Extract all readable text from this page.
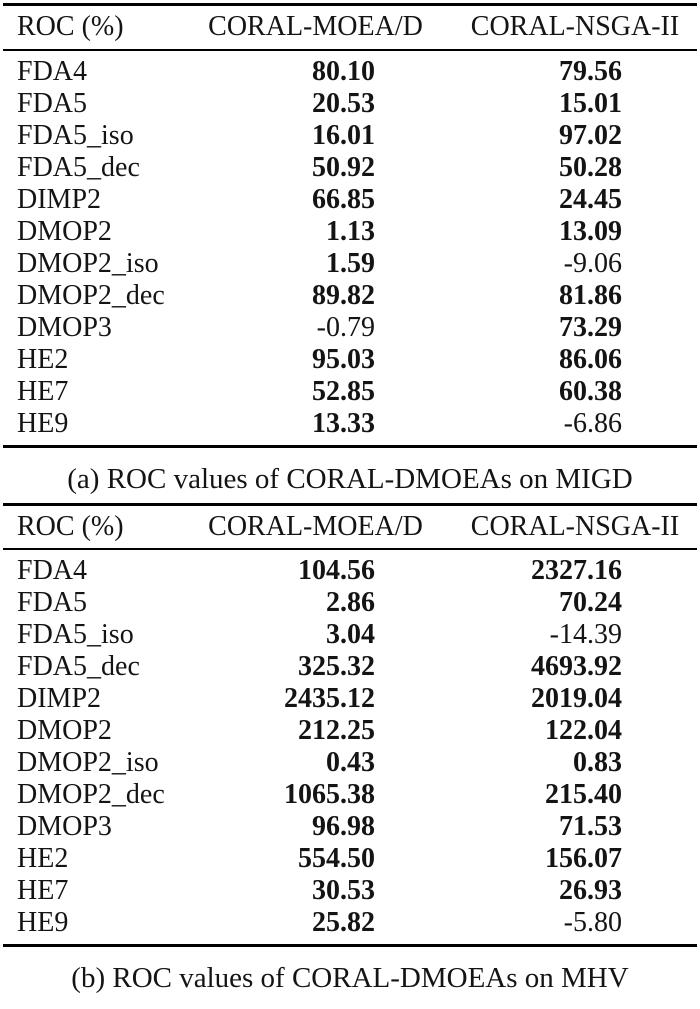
ROC (%)	CORAL-MOEA/D	CORAL-NSGA-II
FDA4	80.10	79.56
FDA5	20.53	15.01
FDA5_iso	16.01	97.02
FDA5_dec	50.92	50.28
DIMP2	66.85	24.45
DMOP2	1.13	13.09
DMOP2_iso	1.59	-9.06
DMOP2_dec	89.82	81.86
DMOP3	-0.79	73.29
HE2	95.03	86.06
HE7	52.85	60.38
HE9	13.33	-6.86
(a) ROC values of CORAL-DMOEAs on MIGD
ROC (%)	CORAL-MOEA/D	CORAL-NSGA-II
FDA4	104.56	2327.16
FDA5	2.86	70.24
FDA5_iso	3.04	-14.39
FDA5_dec	325.32	4693.92
DIMP2	2435.12	2019.04
DMOP2	212.25	122.04
DMOP2_iso	0.43	0.83
DMOP2_dec	1065.38	215.40
DMOP3	96.98	71.53
HE2	554.50	156.07
HE7	30.53	26.93
HE9	25.82	-5.80
(b) ROC values of CORAL-DMOEAs on MHV
